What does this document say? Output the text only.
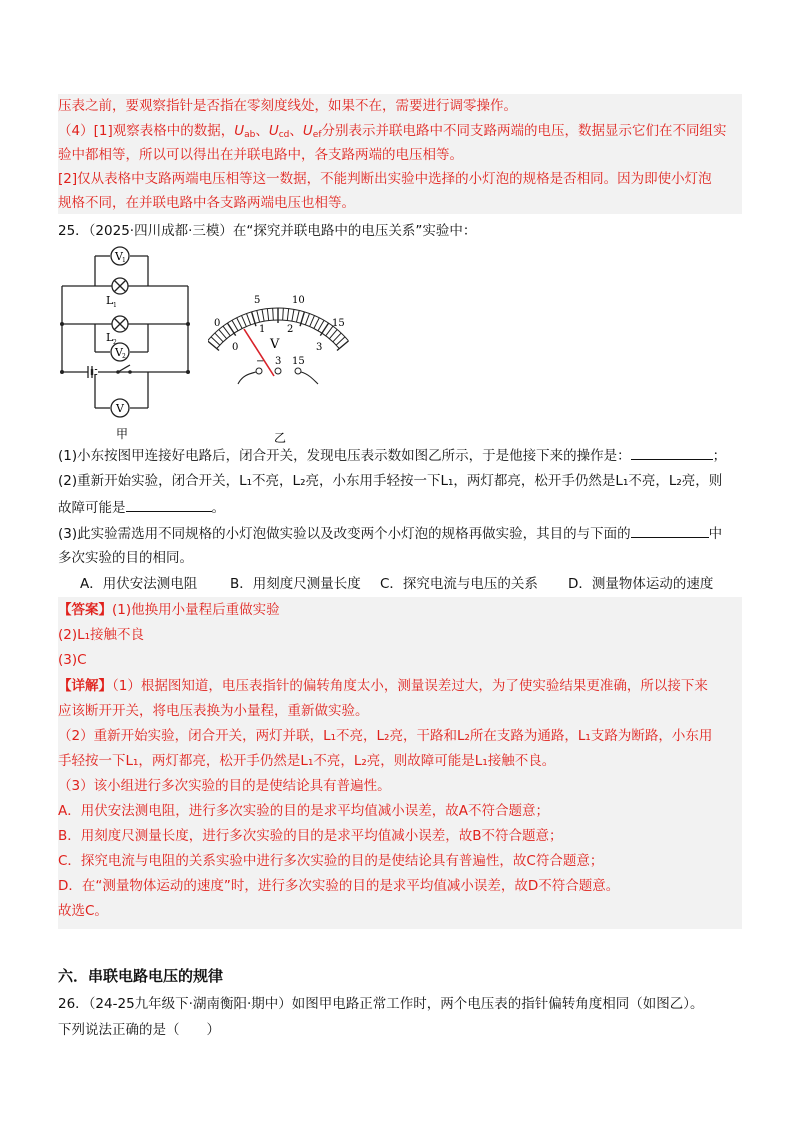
压表之前，要观察指针是否指在零刻度线处，如果不在，需要进行调零操作。
（4）[1]观察表格中的数据，$U_{ab}$、$U_{cd}$、$U_{ef}$分别表示并联电路中不同支路两端的电压，数据显示它们在不同组实
验中都相等，所以可以得出在并联电路中，各支路两端的电压相等。
[2]仅从表格中支路两端电压相等这一数据，不能判断出实验中选择的小灯泡的规格是否相同。因为即使小灯泡
规格不同，在并联电路中各支路两端电压也相等。
25．（2025·四川成都·三模）在“探究并联电路中的电压关系”实验中：
V 1
V 2
V
L 1
L 2
甲
V
0
5	10
15
0
1 2
3
− 3 15
乙
(1)小东按图甲连接好电路后，闭合开关，发现电压表示数如图乙所示，于是他接下来的操作是：	；
(2)重新开始实验，闭合开关，L₁不亮，L₂亮，小东用手轻按一下L₁，两灯都亮，松开手仍然是L₁不亮，L₂亮，则
故障可能是	。
(3)此实验需选用不同规格的小灯泡做实验以及改变两个小灯泡的规格再做实验，其目的与下面的	中
多次实验的目的相同。
A．用伏安法测电阻 B．用刻度尺测量长度 C．探究电流与电压的关系 D．测量物体运动的速度
【答案】(1)他换用小量程后重做实验
(2)L₁接触不良
(3)C
【详解】（1）根据图知道，电压表指针的偏转角度太小，测量误差过大，为了使实验结果更准确，所以接下来
应该断开开关，将电压表换为小量程，重新做实验。
（2）重新开始实验，闭合开关，两灯并联，L₁不亮，L₂亮，干路和L₂所在支路为通路，L₁支路为断路，小东用
手轻按一下L₁，两灯都亮，松开手仍然是L₁不亮，L₂亮，则故障可能是L₁接触不良。
（3）该小组进行多次实验的目的是使结论具有普遍性。
A．用伏安法测电阻，进行多次实验的目的是求平均值减小误差，故A不符合题意；
B．用刻度尺测量长度，进行多次实验的目的是求平均值减小误差，故B不符合题意；
C．探究电流与电阻的关系实验中进行多次实验的目的是使结论具有普遍性，故C符合题意；
D．在“测量物体运动的速度”时，进行多次实验的目的是求平均值减小误差，故D不符合题意。
故选C。
六．串联电路电压的规律
26．（24-25九年级下·湖南衡阳·期中）如图甲电路正常工作时，两个电压表的指针偏转角度相同（如图乙）。
下列说法正确的是（　　）
